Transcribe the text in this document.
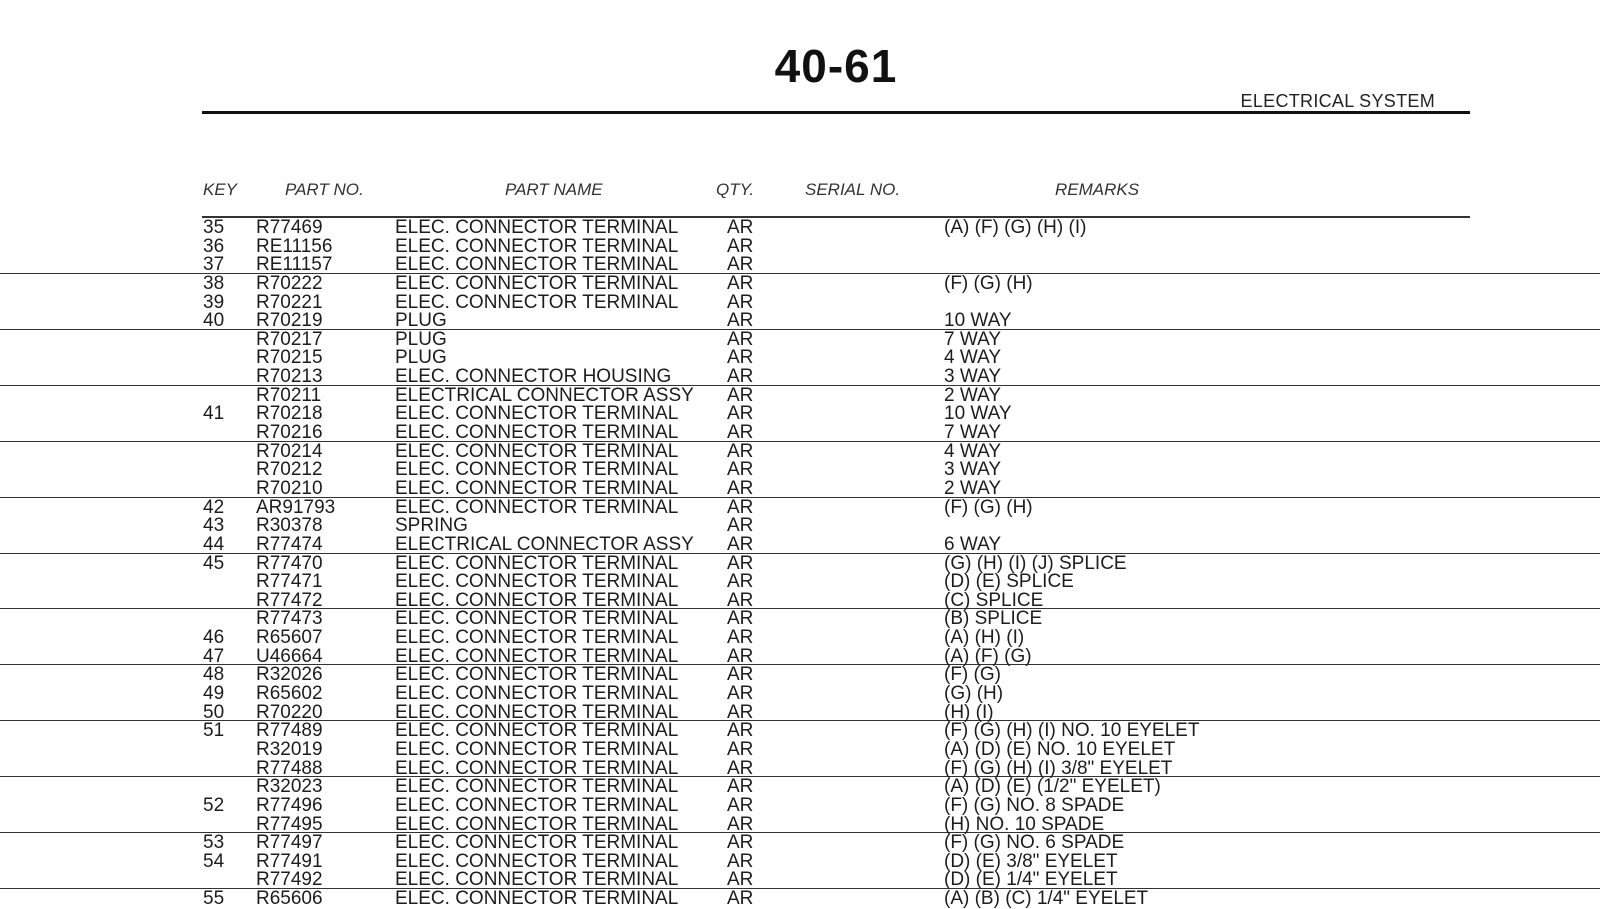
40-61
ELECTRICAL SYSTEM
KEY	PART NO.	PART NAME	QTY.	SERIAL NO.	REMARKS
35 R77469	ELEC. CONNECTOR TERMINAL	AR	(A) (F) (G) (H) (I)
36 RE11156	ELEC. CONNECTOR TERMINAL	AR
37 RE11157	ELEC. CONNECTOR TERMINAL	AR
38 R70222	ELEC. CONNECTOR TERMINAL	AR	(F) (G) (H)
39 R70221	ELEC. CONNECTOR TERMINAL	AR
40 R70219	PLUG	AR	10 WAY
R70217	PLUG	AR	7 WAY
R70215	PLUG	AR	4 WAY
R70213	ELEC. CONNECTOR HOUSING	AR	3 WAY
R70211	ELECTRICAL CONNECTOR ASSY AR	2 WAY
41 R70218	ELEC. CONNECTOR TERMINAL	AR	10 WAY
R70216	ELEC. CONNECTOR TERMINAL	AR	7 WAY
R70214	ELEC. CONNECTOR TERMINAL	AR	4 WAY
R70212	ELEC. CONNECTOR TERMINAL	AR	3 WAY
R70210	ELEC. CONNECTOR TERMINAL	AR	2 WAY
42 AR91793	ELEC. CONNECTOR TERMINAL	AR	(F) (G) (H)
43 R30378	SPRING	AR
44 R77474	ELECTRICAL CONNECTOR ASSY AR	6 WAY
45 R77470	ELEC. CONNECTOR TERMINAL	AR	(G) (H) (I) (J) SPLICE
R77471	ELEC. CONNECTOR TERMINAL	AR	(D) (E) SPLICE
R77472	ELEC. CONNECTOR TERMINAL	AR	(C) SPLICE
R77473	ELEC. CONNECTOR TERMINAL	AR	(B) SPLICE
46 R65607	ELEC. CONNECTOR TERMINAL	AR	(A) (H) (I)
47 U46664	ELEC. CONNECTOR TERMINAL	AR	(A) (F) (G)
48 R32026	ELEC. CONNECTOR TERMINAL	AR	(F) (G)
49 R65602	ELEC. CONNECTOR TERMINAL	AR	(G) (H)
50 R70220	ELEC. CONNECTOR TERMINAL	AR	(H) (I)
51 R77489	ELEC. CONNECTOR TERMINAL	AR	(F) (G) (H) (I) NO. 10 EYELET
R32019	ELEC. CONNECTOR TERMINAL	AR	(A) (D) (E) NO. 10 EYELET
R77488	ELEC. CONNECTOR TERMINAL	AR	(F) (G) (H) (I) 3/8" EYELET
R32023	ELEC. CONNECTOR TERMINAL	AR	(A) (D) (E) (1/2" EYELET)
52 R77496	ELEC. CONNECTOR TERMINAL	AR	(F) (G) NO. 8 SPADE
R77495	ELEC. CONNECTOR TERMINAL	AR	(H) NO. 10 SPADE
53 R77497	ELEC. CONNECTOR TERMINAL	AR	(F) (G) NO. 6 SPADE
54 R77491	ELEC. CONNECTOR TERMINAL	AR	(D) (E) 3/8" EYELET
R77492	ELEC. CONNECTOR TERMINAL	AR	(D) (E) 1/4" EYELET
55 R65606	ELEC. CONNECTOR TERMINAL	AR	(A) (B) (C) 1/4" EYELET
